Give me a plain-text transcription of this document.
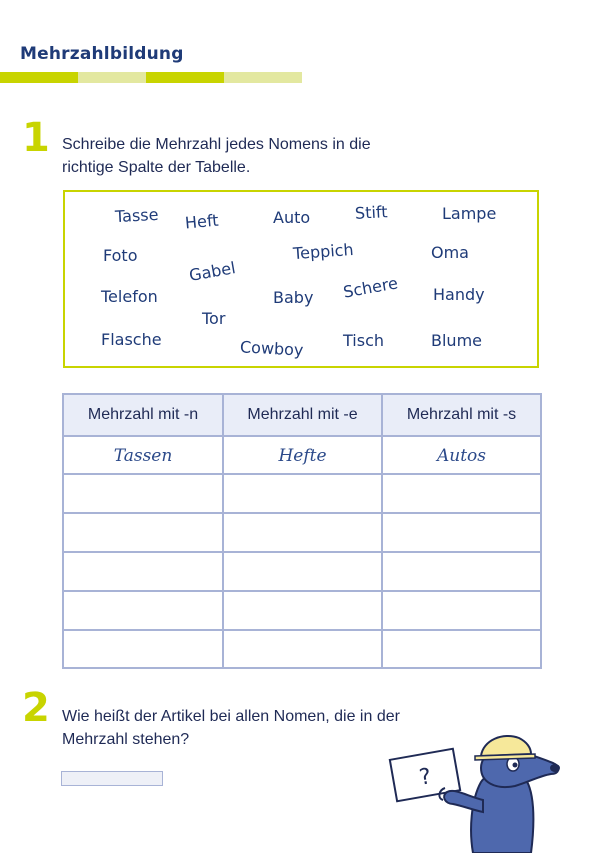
Mehrzahlbildung
1 Schreibe die Mehrzahl jedes Nomens in die
richtige Spalte der Tabelle.
Tasse Heft	Auto	Stift	Lampe
Foto	Teppich	Oma
Gabel
Telefon	Baby Schere Handy
Tor
Flasche	Cowboy Tisch	Blume
Mehrzahl mit -n	Mehrzahl mit -e	Mehrzahl mit -s
Tassen	Hefte	Autos
2 Wie heißt der Artikel bei allen Nomen, die in der
Mehrzahl stehen?
?
